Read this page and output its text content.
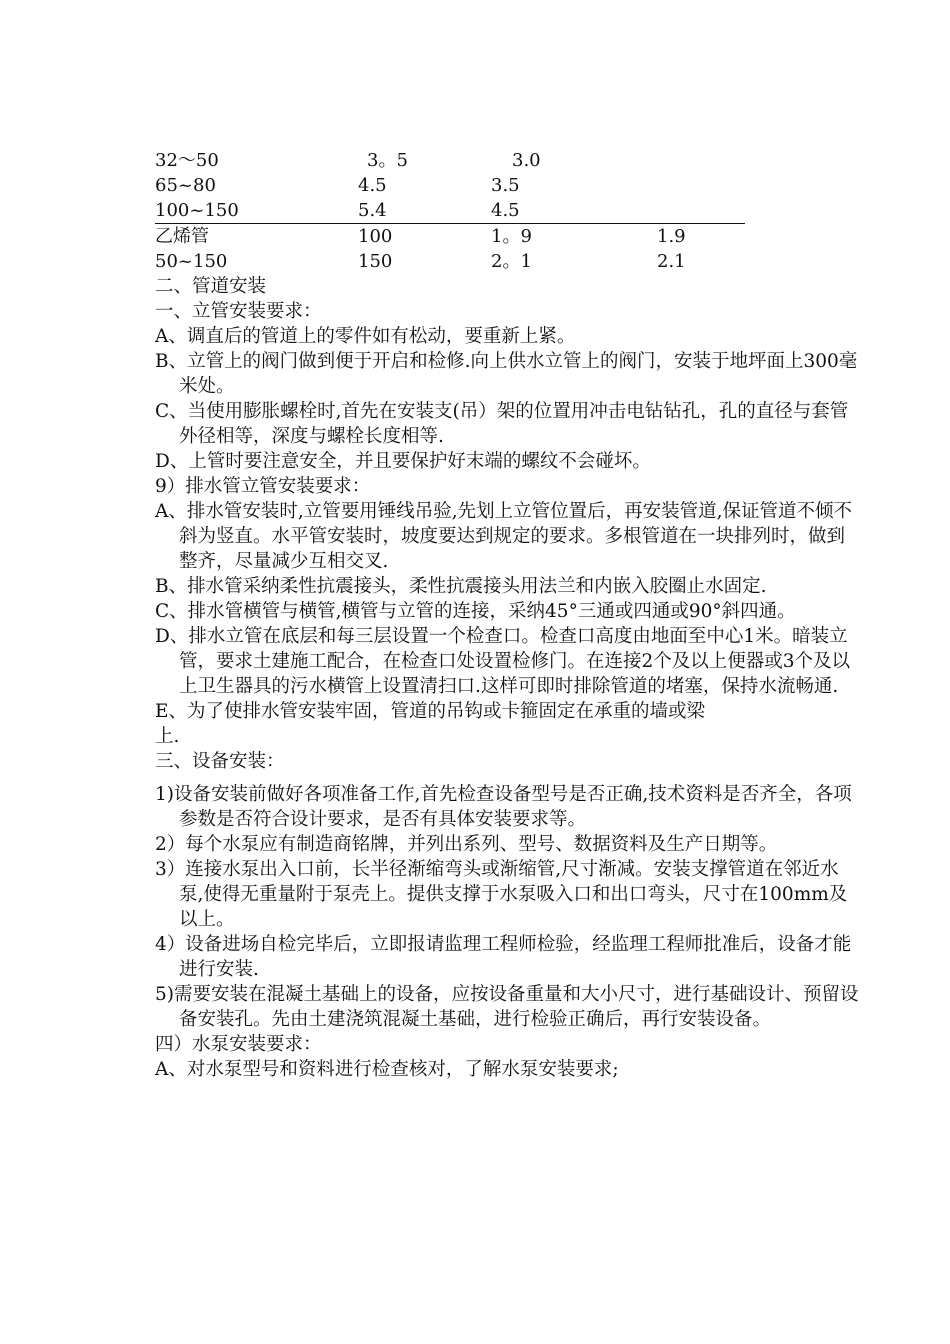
32～50	3。5	3.0
65~80	4.5	3.5
100~150	5.4	4.5
乙烯管	100	1。9	1.9
50~150	150	2。1	2.1
二、管道安装
一、立管安装要求：
A、调直后的管道上的零件如有松动，要重新上紧。
B、立管上的阀门做到便于开启和检修.向上供水立管上的阀门，安装于地坪面上300毫米处。
C、当使用膨胀螺栓时,首先在安装支(吊）架的位置用冲击电钻钻孔，孔的直径与套管外径相等，深度与螺栓长度相等.
D、上管时要注意安全，并且要保护好末端的螺纹不会碰坏。
9）排水管立管安装要求：
A、排水管安装时,立管要用锤线吊验,先划上立管位置后，再安装管道,保证管道不倾不斜为竖直。水平管安装时，坡度要达到规定的要求。多根管道在一块排列时，做到整齐，尽量减少互相交叉.
B、排水管采纳柔性抗震接头，柔性抗震接头用法兰和内嵌入胶圈止水固定.
C、排水管横管与横管,横管与立管的连接，采纳45°三通或四通或90°斜四通。
D、排水立管在底层和每三层设置一个检查口。检查口高度由地面至中心1米。暗装立管，要求土建施工配合，在检查口处设置检修门。在连接2个及以上便器或3个及以上卫生器具的污水横管上设置清扫口.这样可即时排除管道的堵塞，保持水流畅通.
E、为了使排水管安装牢固，管道的吊钩或卡箍固定在承重的墙或梁
上.
三、设备安装：
1)设备安装前做好各项准备工作,首先检查设备型号是否正确,技术资料是否齐全，各项参数是否符合设计要求，是否有具体安装要求等。
2）每个水泵应有制造商铭牌，并列出系列、型号、数据资料及生产日期等。
3）连接水泵出入口前，长半径渐缩弯头或渐缩管,尺寸渐减。安装支撑管道在邻近水泵,使得无重量附于泵壳上。提供支撑于水泵吸入口和出口弯头，尺寸在100mm及以上。
4）设备进场自检完毕后，立即报请监理工程师检验，经监理工程师批准后，设备才能进行安装.
5)需要安装在混凝土基础上的设备，应按设备重量和大小尺寸，进行基础设计、预留设备安装孔。先由土建浇筑混凝土基础，进行检验正确后，再行安装设备。
四）水泵安装要求：
A、对水泵型号和资料进行检查核对，了解水泵安装要求;
